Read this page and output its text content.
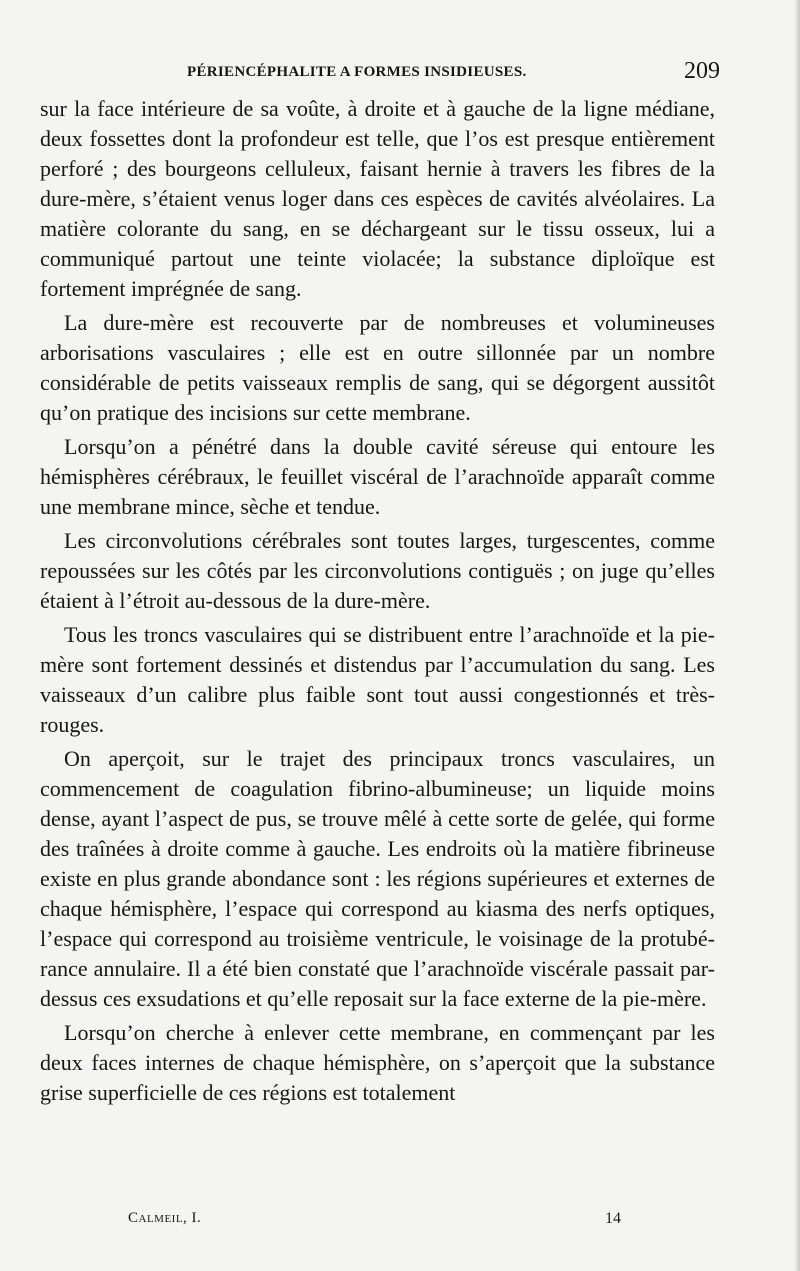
PÉRIENCÉPHALITE A FORMES INSIDIEUSES.	209

sur la face intérieure de sa voûte, à droite et à gauche de la ligne médiane, deux fossettes dont la profondeur est telle, que l’os est presque entièrement perforé ; des bourgeons celluleux, faisant hernie à travers les fibres de la dure-mère, s’étaient venus loger dans ces espèces de cavités alvéolaires. La matière colorante du sang, en se déchargeant sur le tissu osseux, lui a communiqué partout une teinte violacée; la substance diploïque est fortement imprégnée de sang.

La dure-mère est recouverte par de nombreuses et volumineuses arborisations vasculaires ; elle est en outre sillonnée par un nombre considérable de petits vaisseaux remplis de sang, qui se dégorgent aussitôt qu’on pratique des incisions sur cette membrane.

Lorsqu’on a pénétré dans la double cavité séreuse qui entoure les hémisphères cérébraux, le feuillet viscéral de l’arachnoïde apparaît comme une membrane mince, sèche et tendue.

Les circonvolutions cérébrales sont toutes larges, turgescentes, comme repoussées sur les côtés par les circonvolutions contiguës ; on juge qu’elles étaient à l’étroit au-dessous de la dure-mère.

Tous les troncs vasculaires qui se distribuent entre l’arachnoïde et la pie-mère sont fortement dessinés et distendus par l’accumulation du sang. Les vaisseaux d’un calibre plus faible sont tout aussi congestionnés et très-rouges.

On aperçoit, sur le trajet des principaux troncs vasculaires, un commencement de coagulation fibrino-albumineuse; un liquide moins dense, ayant l’aspect de pus, se trouve mêlé à cette sorte de gelée, qui forme des traînées à droite comme à gauche. Les endroits où la matière fibrineuse existe en plus grande abondance sont : les régions supérieures et externes de chaque hémisphère, l’espace qui correspond au kiasma des nerfs optiques, l’espace qui correspond au troisième ventricule, le voisinage de la protubérance annulaire. Il a été bien constaté que l’arachnoïde viscérale passait par-dessus ces exsudations et qu’elle reposait sur la face externe de la pie-mère.

Lorsqu’on cherche à enlever cette membrane, en commençant par les deux faces internes de chaque hémisphère, on s’aperçoit que la substance grise superficielle de ces régions est totalement

Calmeil, I.	14
